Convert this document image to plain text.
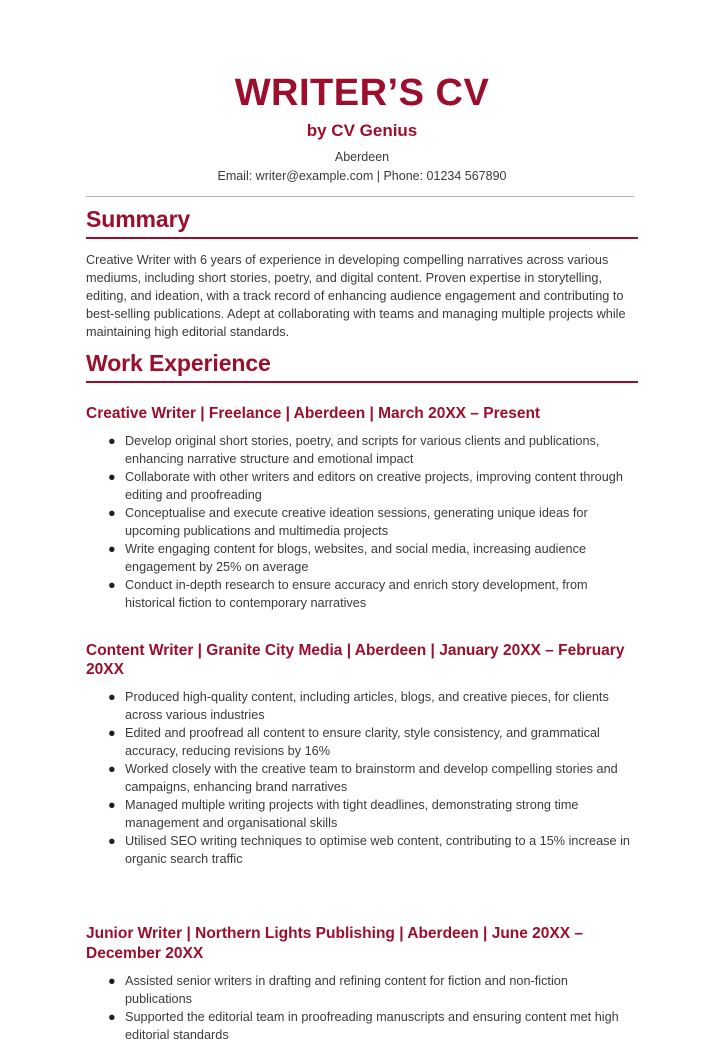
WRITER’S CV
by CV Genius
Aberdeen
Email: writer@example.com | Phone: 01234 567890
Summary

Creative Writer with 6 years of experience in developing compelling narratives across various mediums, including short stories, poetry, and digital content. Proven expertise in storytelling, editing, and ideation, with a track record of enhancing audience engagement and contributing to best-selling publications. Adept at collaborating with teams and managing multiple projects while maintaining high editorial standards.

Work Experience
Creative Writer | Freelance | Aberdeen | March 20XX – Present
● Develop original short stories, poetry, and scripts for various clients and publications, enhancing narrative structure and emotional impact
● Collaborate with other writers and editors on creative projects, improving content through editing and proofreading
● Conceptualise and execute creative ideation sessions, generating unique ideas for upcoming publications and multimedia projects
● Write engaging content for blogs, websites, and social media, increasing audience engagement by 25% on average
● Conduct in-depth research to ensure accuracy and enrich story development, from historical fiction to contemporary narratives
Content Writer | Granite City Media | Aberdeen | January 20XX – February 20XX
● Produced high-quality content, including articles, blogs, and creative pieces, for clients across various industries
● Edited and proofread all content to ensure clarity, style consistency, and grammatical accuracy, reducing revisions by 16%
● Worked closely with the creative team to brainstorm and develop compelling stories and campaigns, enhancing brand narratives
● Managed multiple writing projects with tight deadlines, demonstrating strong time management and organisational skills
● Utilised SEO writing techniques to optimise web content, contributing to a 15% increase in organic search traffic
Junior Writer | Northern Lights Publishing | Aberdeen | June 20XX – December 20XX
● Assisted senior writers in drafting and refining content for fiction and non-fiction publications
● Supported the editorial team in proofreading manuscripts and ensuring content met high editorial standards
